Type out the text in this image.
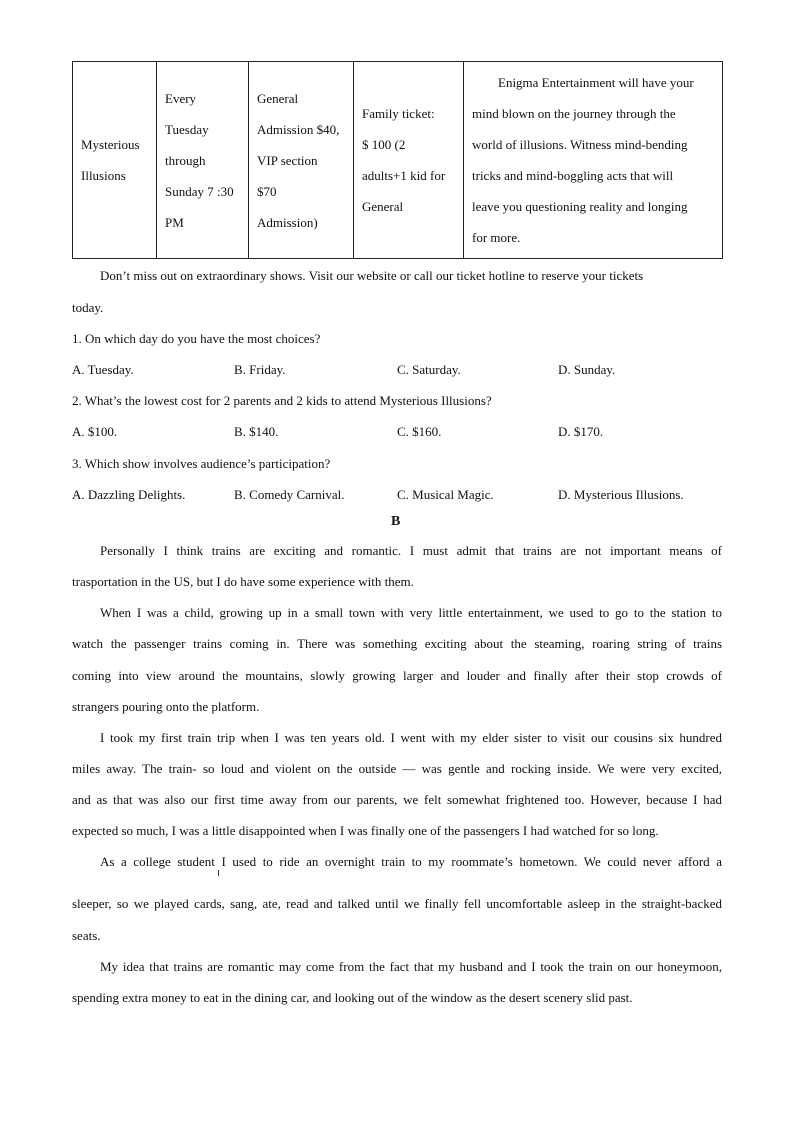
Mysterious
Illusions

Every
Tuesday
through
Sunday 7 :30
PM

General
Admission $40,
VIP section
$70
Admission)

Family ticket:
$ 100 (2
adults+1 kid for
General

Enigma Entertainment will have your
mind blown on the journey through the
world of illusions. Witness mind-bending
tricks and mind-boggling acts that will
leave you questioning reality and longing
for more.
Don’t miss out on extraordinary shows. Visit our website or call our ticket hotline to reserve your tickets
today.
1. On which day do you have the most choices?
A. Tuesday.	B. Friday.	C. Saturday.	D. Sunday.
2. What’s the lowest cost for 2 parents and 2 kids to attend Mysterious Illusions?
A. $100.	B. $140.	C. $160.	D. $170.
3. Which show involves audience’s participation?
A. Dazzling Delights.	B. Comedy Carnival.	C. Musical Magic.	D. Mysterious Illusions.
B
Personally I think trains are exciting and romantic. I must admit that trains are not important means of
trasportation in the US, but I do have some experience with them.
When I was a child, growing up in a small town with very little entertainment, we used to go to the station to
watch the passenger trains coming in. There was something exciting about the steaming, roaring string of trains
coming into view around the mountains, slowly growing larger and louder and finally after their stop crowds of
strangers pouring onto the platform.
I took my first train trip when I was ten years old. I went with my elder sister to visit our cousins six hundred
miles away. The train- so loud and violent on the outside — was gentle and rocking inside. We were very excited,
and as that was also our first time away from our parents, we felt somewhat frightened too. However, because I had
expected so much, I was a little disappointed when I was finally one of the passengers I had watched for so long.
As a college student I used to ride an overnight train to my roommate’s hometown. We could never afford a
sleeper, so we played cards, sang, ate, read and talked until we finally fell uncomfortable asleep in the straight-backed
seats.
My idea that trains are romantic may come from the fact that my husband and I took the train on our honeymoon,
spending extra money to eat in the dining car, and looking out of the window as the desert scenery slid past.
